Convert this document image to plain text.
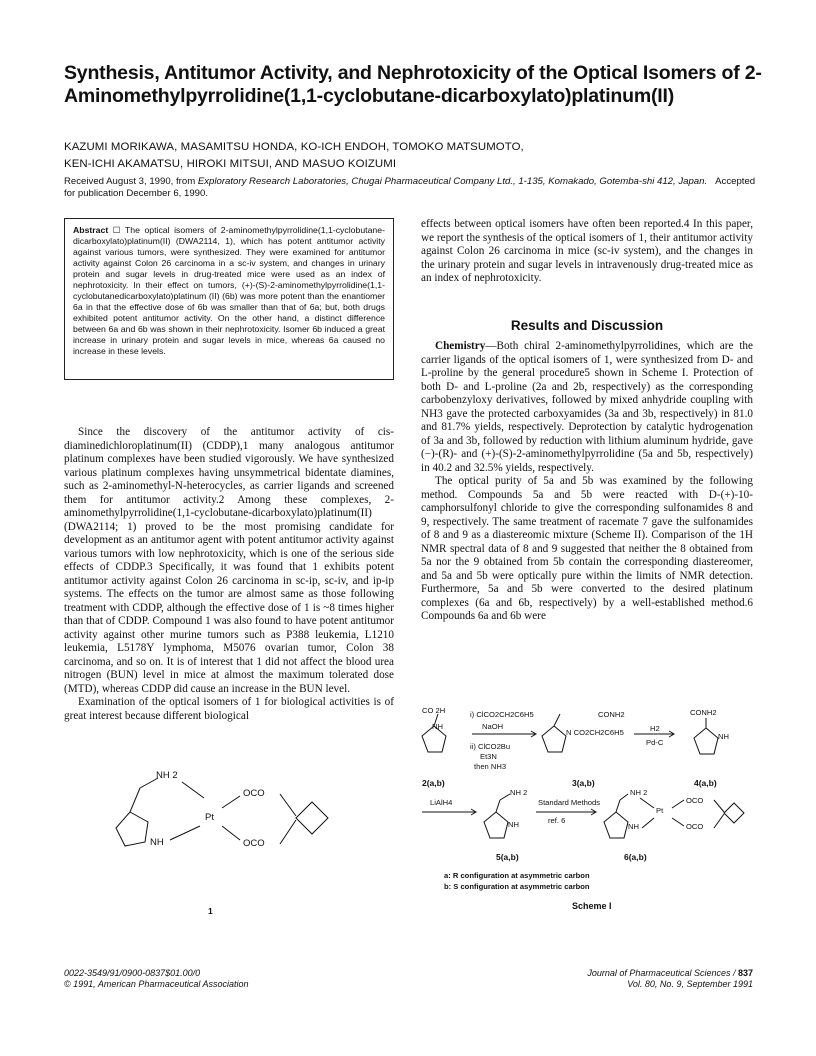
Synthesis, Antitumor Activity, and Nephrotoxicity of the Optical Isomers of 2-Aminomethylpyrrolidine(1,1-cyclobutane-dicarboxylato)platinum(II)
KAZUMI MORIKAWA, MASAMITSU HONDA, KO-ICH ENDOH, TOMOKO MATSUMOTO,
KEN-ICHI AKAMATSU, HIROKI MITSUI, AND MASUO KOIZUMI
Received August 3, 1990, from Exploratory Research Laboratories, Chugai Pharmaceutical Company Ltd., 1-135, Komakado, Gotemba-shi 412, Japan. Accepted for publication December 6, 1990.
Abstract ☐ The optical isomers of 2-aminomethylpyrrolidine(1,1-cyclobutane-dicarboxylato)platinum(II) (DWA2114, 1), which has potent antitumor activity against various tumors, were synthesized. They were examined for antitumor activity against Colon 26 carcinoma in a sc-iv system, and changes in urinary protein and sugar levels in drug-treated mice were used as an index of nephrotoxicity. In their effect on tumors, (+)-(S)-2-aminomethylpyrrolidine(1,1-cyclobutanedicarboxylato)platinum (II) (6b) was more potent than the enantiomer 6a in that the effective dose of 6b was smaller than that of 6a; but, both drugs exhibited potent antitumor activity. On the other hand, a distinct difference between 6a and 6b was shown in their nephrotoxicity. Isomer 6b induced a great increase in urinary protein and sugar levels in mice, whereas 6a caused no increase in these levels.

Since the discovery of the antitumor activity of cis-diaminedichloroplatinum(II) (CDDP),1 many analogous antitumor platinum complexes have been studied vigorously. We have synthesized various platinum complexes having unsymmetrical bidentate diamines, such as 2-aminomethyl-N-heterocycles, as carrier ligands and screened them for antitumor activity.2 Among these complexes, 2-aminomethylpyrrolidine(1,1-cyclobutane-dicarboxylato)platinum(II) (DWA2114; 1) proved to be the most promising candidate for development as an antitumor agent with potent antitumor activity against various tumors with low nephrotoxicity, which is one of the serious side effects of CDDP.3 Specifically, it was found that 1 exhibits potent antitumor activity against Colon 26 carcinoma in sc-ip, sc-iv, and ip-ip systems. The effects on the tumor are almost same as those following treatment with CDDP, although the effective dose of 1 is ~8 times higher than that of CDDP. Compound 1 was also found to have potent antitumor activity against other murine tumors such as P388 leukemia, L1210 leukemia, L5178Y lymphoma, M5076 ovarian tumor, Colon 38 carcinoma, and so on. It is of interest that 1 did not affect the blood urea nitrogen (BUN) level in mice at almost the maximum tolerated dose (MTD), whereas CDDP did cause an increase in the BUN level.

Examination of the optical isomers of 1 for biological activities is of great interest because different biological

NH 2
NH
Pt
OCO
OCO
1

effects between optical isomers have often been reported.4 In this paper, we report the synthesis of the optical isomers of 1, their antitumor activity against Colon 26 carcinoma in mice (sc-iv system), and the changes in the urinary protein and sugar levels in intravenously drug-treated mice as an index of nephrotoxicity.

Results and Discussion

Chemistry—Both chiral 2-aminomethylpyrrolidines, which are the carrier ligands of the optical isomers of 1, were synthesized from D- and L-proline by the general procedure5 shown in Scheme I. Protection of both D- and L-proline (2a and 2b, respectively) as the corresponding carbobenzyloxy derivatives, followed by mixed anhydride coupling with NH3 gave the protected carboxyamides (3a and 3b, respectively) in 81.0 and 81.7% yields, respectively. Deprotection by catalytic hydrogenation of 3a and 3b, followed by reduction with lithium aluminum hydride, gave (−)-(R)- and (+)-(S)-2-aminomethylpyrrolidine (5a and 5b, respectively) in 40.2 and 32.5% yields, respectively.

The optical purity of 5a and 5b was examined by the following method. Compounds 5a and 5b were reacted with D-(+)-10-camphorsulfonyl chloride to give the corresponding sulfonamides 8 and 9, respectively. The same treatment of racemate 7 gave the sulfonamides of 8 and 9 as a diastereomic mixture (Scheme II). Comparison of the 1H NMR spectral data of 8 and 9 suggested that neither the 8 obtained from 5a nor the 9 obtained from 5b contain the corresponding diastereomer, and 5a and 5b were optically pure within the limits of NMR detection. Furthermore, 5a and 5b were converted to the desired platinum complexes (6a and 6b, respectively) by a well-established method.6 Compounds 6a and 6b were

CO 2H
NH
i) ClCO2CH2C6H5
NaOH
ii) ClCO2Bu
Et3N
then NH3
CONH2
N CO2CH2C6H5	H2
Pd-C
CONH2
NH
2(a,b)	3(a,b)	4(a,b)
LiAlH4
NH 2
NH
Standard Methods
ref. 6
NH 2
NH
Pt
OCO
OCO
5(a,b)	6(a,b)
a: R configuration at asymmetric carbon
b: S configuration at asymmetric carbon
Scheme I
0022-3549/91/0900-0837$01.00/0
© 1991, American Pharmaceutical Association
Journal of Pharmaceutical Sciences / 837
Vol. 80, No. 9, September 1991
